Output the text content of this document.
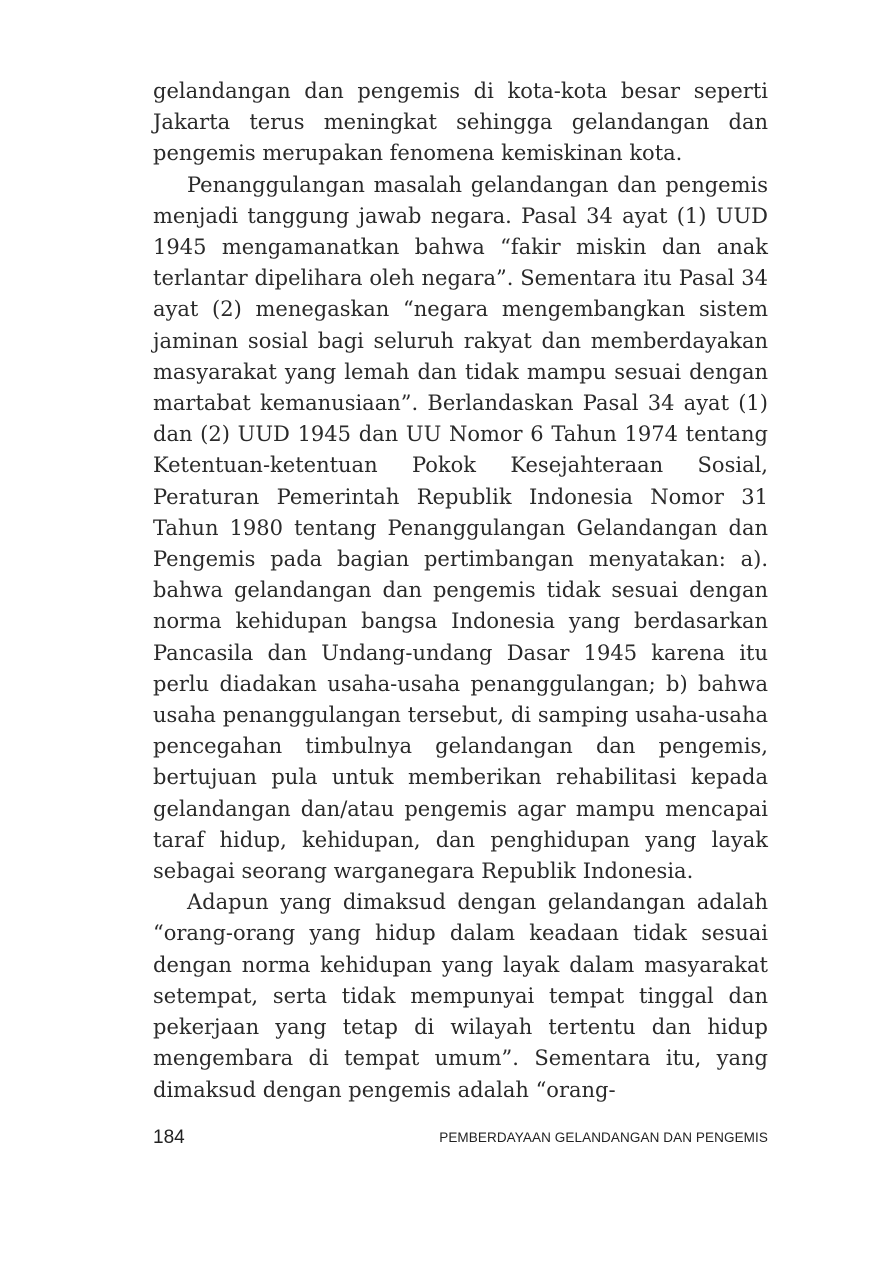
gelandangan dan pengemis di kota-kota besar seperti Jakarta terus meningkat sehingga gelandangan dan pengemis merupakan fenomena kemiskinan kota.

Penanggulangan masalah gelandangan dan pengemis menjadi tanggung jawab negara. Pasal 34 ayat (1) UUD 1945 mengamanatkan bahwa “fakir miskin dan anak terlantar dipelihara oleh negara”. Sementara itu Pasal 34 ayat (2) menegaskan “negara mengembangkan sistem jaminan sosial bagi seluruh rakyat dan memberdayakan masyarakat yang lemah dan tidak mampu sesuai dengan martabat kemanusiaan”. Berlandaskan Pasal 34 ayat (1) dan (2) UUD 1945 dan UU Nomor 6 Tahun 1974 tentang Ketentuan-ketentuan Pokok Kesejahteraan Sosial, Peraturan Pemerintah Republik Indonesia Nomor 31 Tahun 1980 tentang Penanggulangan Gelandangan dan Pengemis pada bagian pertimbangan menyatakan: a). bahwa gelandangan dan pengemis tidak sesuai dengan norma kehidupan bangsa Indonesia yang berdasarkan Pancasila dan Undang-undang Dasar 1945 karena itu perlu diadakan usaha-usaha penanggulangan; b) bahwa usaha penanggulangan tersebut, di samping usaha-usaha pencegahan timbulnya gelandangan dan pengemis, bertujuan pula untuk memberikan rehabilitasi kepada gelandangan dan/atau pengemis agar mampu mencapai taraf hidup, kehidupan, dan penghidupan yang layak sebagai seorang warganegara Republik Indonesia.

Adapun yang dimaksud dengan gelandangan adalah “orang-orang yang hidup dalam keadaan tidak sesuai dengan norma kehidupan yang layak dalam masyarakat setempat, serta tidak mempunyai tempat tinggal dan pekerjaan yang tetap di wilayah tertentu dan hidup mengembara di tempat umum”. Sementara itu, yang dimaksud dengan pengemis adalah “orang-

184	PEMBERDAYAAN GELANDANGAN DAN PENGEMIS
